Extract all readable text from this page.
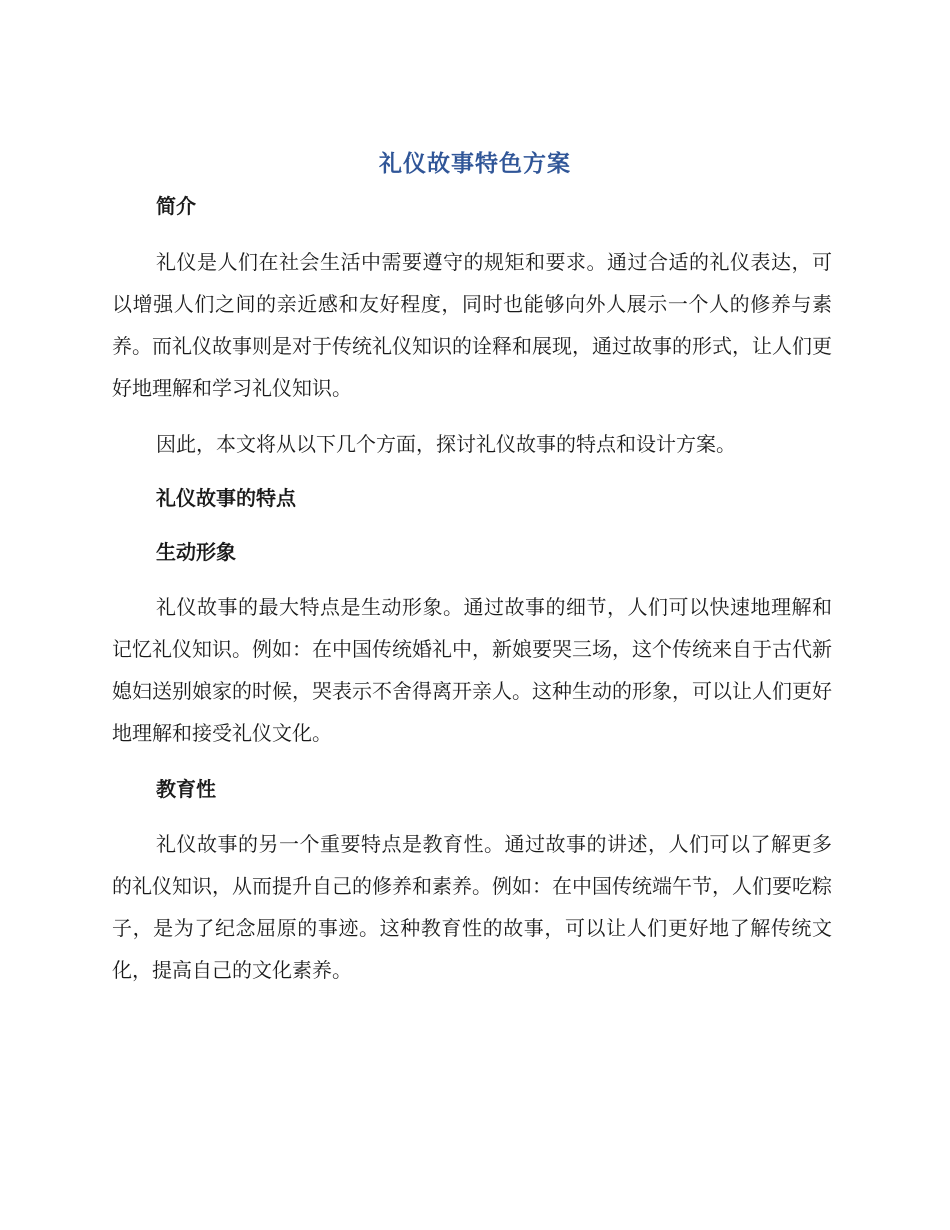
礼仪故事特色方案
简介

礼仪是人们在社会生活中需要遵守的规矩和要求。通过合适的礼仪表达，可以增强人们之间的亲近感和友好程度，同时也能够向外人展示一个人的修养与素养。而礼仪故事则是对于传统礼仪知识的诠释和展现，通过故事的形式，让人们更好地理解和学习礼仪知识。

因此，本文将从以下几个方面，探讨礼仪故事的特点和设计方案。

礼仪故事的特点
生动形象

礼仪故事的最大特点是生动形象。通过故事的细节，人们可以快速地理解和记忆礼仪知识。例如：在中国传统婚礼中，新娘要哭三场，这个传统来自于古代新媳妇送别娘家的时候，哭表示不舍得离开亲人。这种生动的形象，可以让人们更好地理解和接受礼仪文化。

教育性

礼仪故事的另一个重要特点是教育性。通过故事的讲述，人们可以了解更多的礼仪知识，从而提升自己的修养和素养。例如：在中国传统端午节，人们要吃粽子，是为了纪念屈原的事迹。这种教育性的故事，可以让人们更好地了解传统文化，提高自己的文化素养。
